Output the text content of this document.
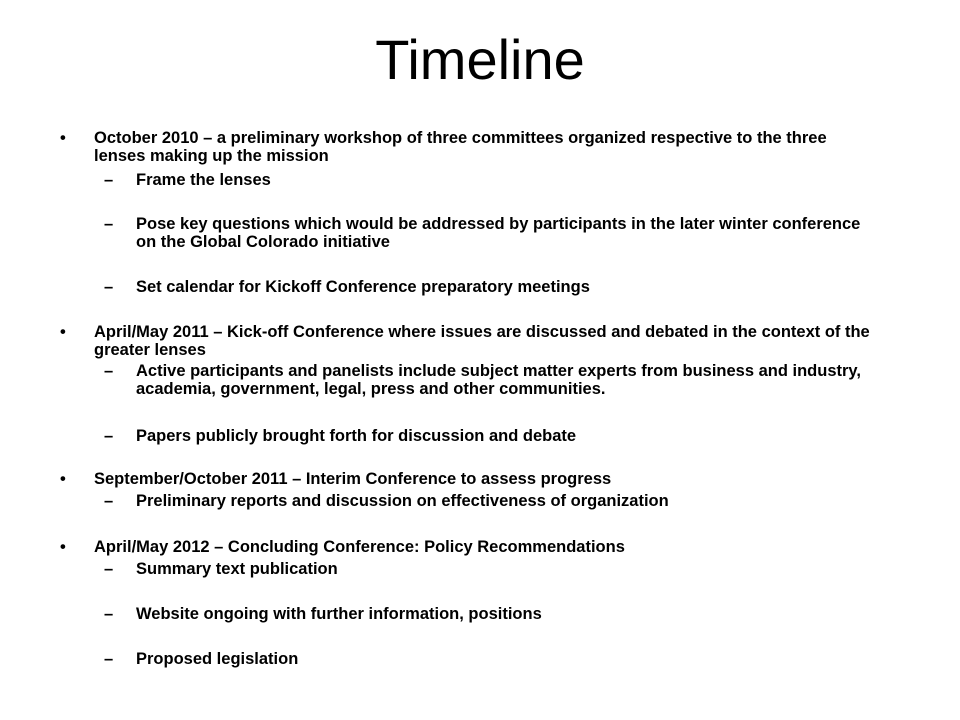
Timeline
•	October 2010 – a preliminary workshop of three committees organized respective to the three lenses making up the mission
–	Frame the lenses
–	Pose key questions which would be addressed by participants in the later winter conference on the Global Colorado initiative
–	Set calendar for Kickoff Conference preparatory meetings
•	April/May 2011 – Kick-off Conference where issues are discussed and debated in the context of the greater lenses
–	Active participants and panelists include subject matter experts from business and industry, academia, government, legal, press and other communities.
–	Papers publicly brought forth for discussion and debate
•	September/October 2011 – Interim Conference to assess progress
–	Preliminary reports and discussion on effectiveness of organization
•	April/May 2012 – Concluding Conference: Policy Recommendations
–	Summary text publication
–	Website ongoing with further information, positions
–	Proposed legislation
